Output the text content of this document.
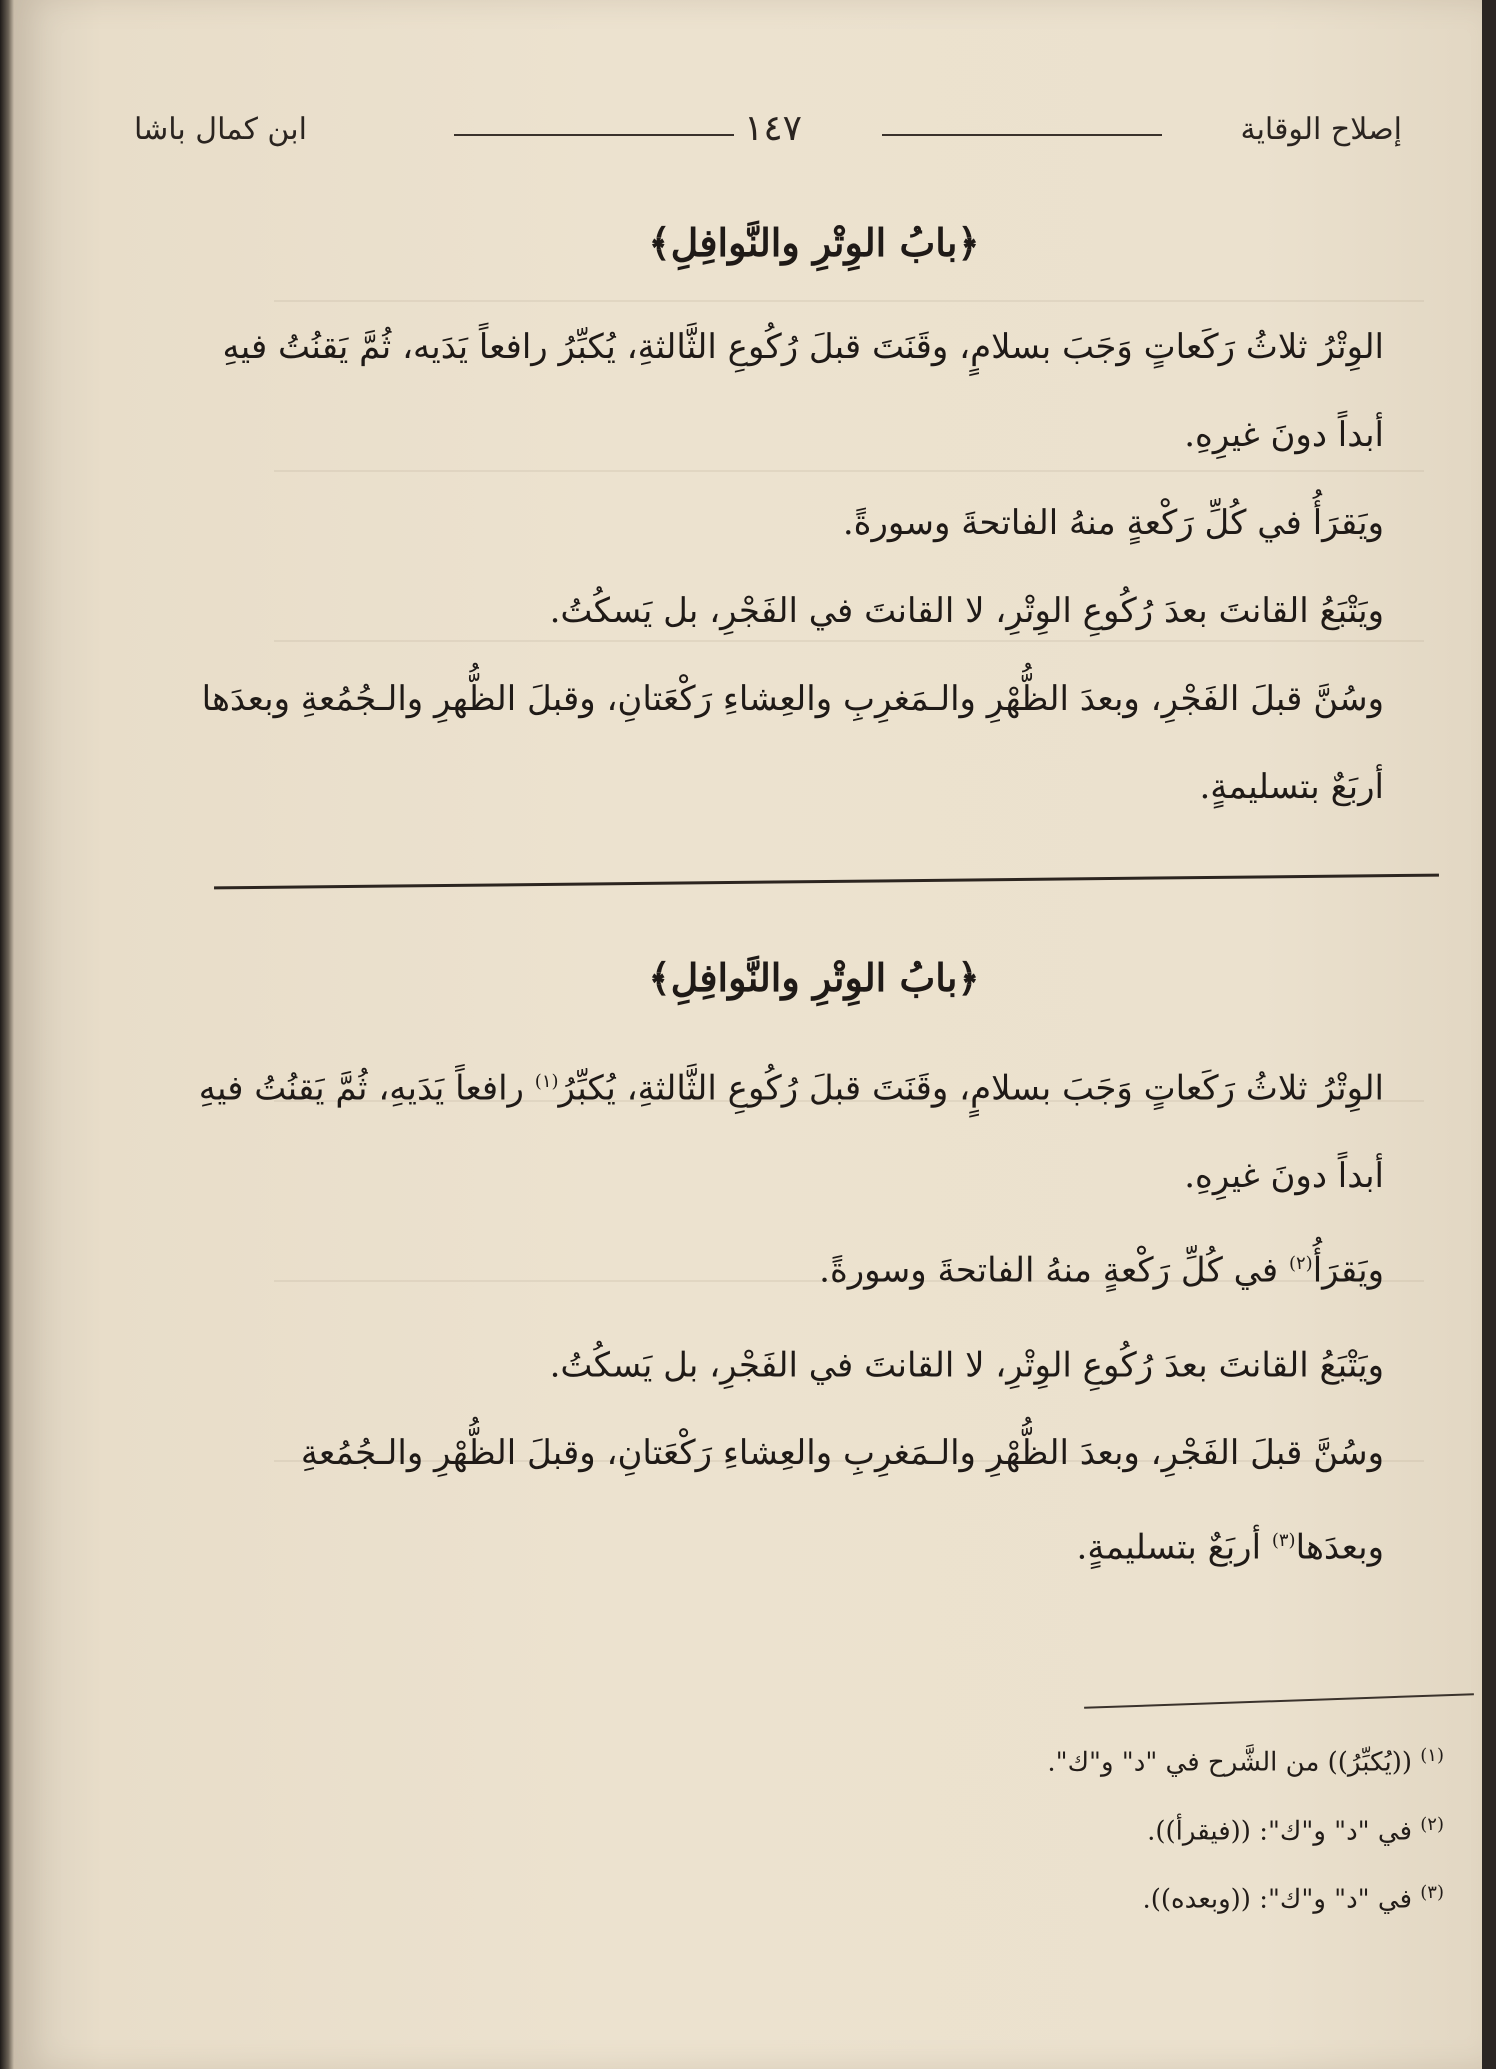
إصلاح الوقاية
١٤٧
ابن كمال باشا
﴿بابُ الوِتْرِ والنَّوافِلِ﴾

الوِتْرُ ثلاثُ رَكَعاتٍ وَجَبَ بسلامٍ، وقَنَتَ قبلَ رُكُوعِ الثَّالثةِ، يُكبِّرُ رافعاً يَدَيه، ثُمَّ يَقنُتُ فيهِ أبداً دونَ غيرِهِ.

ويَقرَأُ في كُلِّ رَكْعةٍ منهُ الفاتحةَ وسورةً.

ويَتْبَعُ القانتَ بعدَ رُكُوعِ الوِتْرِ، لا القانتَ في الفَجْرِ، بل يَسكُتُ.

وسُنَّ قبلَ الفَجْرِ، وبعدَ الظُّهْرِ والـمَغرِبِ والعِشاءِ رَكْعَتانِ، وقبلَ الظُّهرِ والـجُمُعةِ وبعدَها أربَعٌ بتسليمةٍ.

﴿بابُ الوِتْرِ والنَّوافِلِ﴾

الوِتْرُ ثلاثُ رَكَعاتٍ وَجَبَ بسلامٍ، وقَنَتَ قبلَ رُكُوعِ الثَّالثةِ، يُكبِّرُ$^{(١)}$ رافعاً يَدَيهِ، ثُمَّ يَقنُتُ فيهِ أبداً دونَ غيرِهِ.

ويَقرَأُ$^{(٢)}$ في كُلِّ رَكْعةٍ منهُ الفاتحةَ وسورةً.

ويَتْبَعُ القانتَ بعدَ رُكُوعِ الوِتْرِ، لا القانتَ في الفَجْرِ، بل يَسكُتُ.

وسُنَّ قبلَ الفَجْرِ، وبعدَ الظُّهْرِ والـمَغرِبِ والعِشاءِ رَكْعَتانِ، وقبلَ الظُّهْرِ والـجُمُعةِ وبعدَها$^{(٣)}$ أربَعٌ بتسليمةٍ.

$^{(١)}$ ((يُكبِّرُ)) من الشَّرح في "د" و"ك".

$^{(٢)}$ في "د" و"ك": ((فيقرأ)).

$^{(٣)}$ في "د" و"ك": ((وبعده)).
